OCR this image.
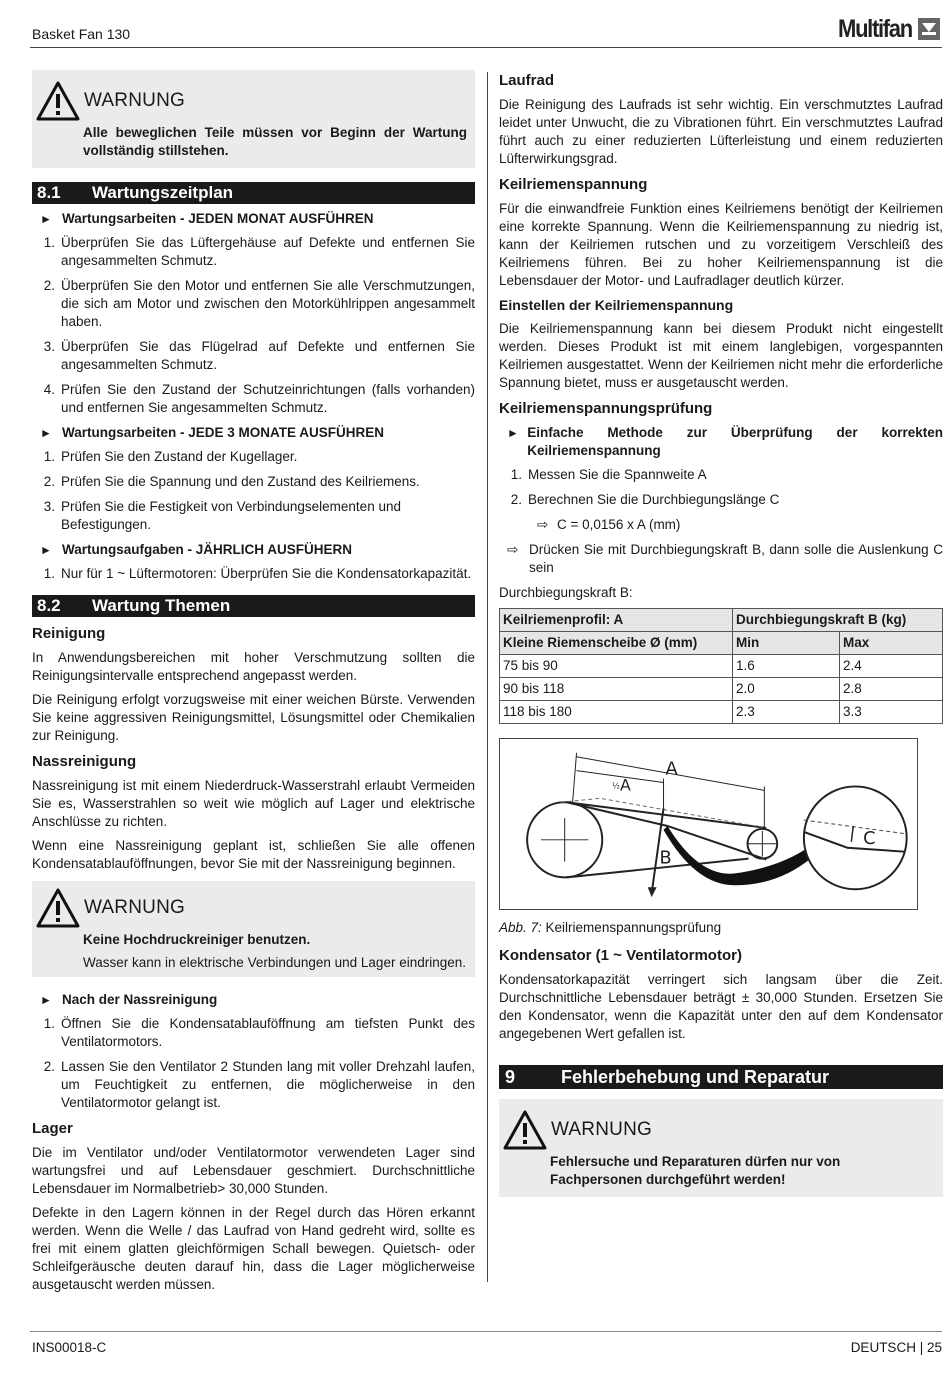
Basket Fan 130	Multifan
WARNUNG

Alle beweglichen Teile müssen vor Beginn der Wartung vollständig stillstehen.

8.1	Wartungszeitplan
► Wartungsarbeiten - JEDEN MONAT AUSFÜHREN
1. Überprüfen Sie das Lüftergehäuse auf Defekte und entfernen Sie angesammelten Schmutz.
2. Überprüfen Sie den Motor und entfernen Sie alle Verschmutzungen, die sich am Motor und zwischen den Motorkühlrippen angesammelt haben.
3. Überprüfen Sie das Flügelrad auf Defekte und entfernen Sie angesammelten Schmutz.
4. Prüfen Sie den Zustand der Schutzeinrichtungen (falls vorhanden) und entfernen Sie angesammelten Schmutz.
► Wartungsarbeiten - JEDE 3 MONATE AUSFÜHREN
1. Prüfen Sie den Zustand der Kugellager.
2. Prüfen Sie die Spannung und den Zustand des Keilriemens.
3. Prüfen Sie die Festigkeit von Verbindungselementen und Befestigungen.
► Wartungsaufgaben - JÄHRLICH AUSFÜHERN
1. Nur für 1 ~ Lüftermotoren: Überprüfen Sie die Kondensatorkapazität.
8.2	Wartung Themen
Reinigung

In Anwendungsbereichen mit hoher Verschmutzung sollten die Reinigungsintervalle entsprechend angepasst werden.

Die Reinigung erfolgt vorzugsweise mit einer weichen Bürste. Verwenden Sie keine aggressiven Reinigungsmittel, Lösungsmittel oder Chemikalien zur Reinigung.

Nassreinigung

Nassreinigung ist mit einem Niederdruck-Wasserstrahl erlaubt Vermeiden Sie es, Wasserstrahlen so weit wie möglich auf Lager und elektrische Anschlüsse zu richten.

Wenn eine Nassreinigung geplant ist, schließen Sie alle offenen Kondensatablauföffnungen, bevor Sie mit der Nassreinigung beginnen.

WARNUNG

Keine Hochdruckreiniger benutzen.

Wasser kann in elektrische Verbindungen und Lager eindringen.

► Nach der Nassreinigung
1. Öffnen Sie die Kondensatablauföffnung am tiefsten Punkt des Ventilatormotors.
2. Lassen Sie den Ventilator 2 Stunden lang mit voller Drehzahl laufen, um Feuchtigkeit zu entfernen, die möglicherweise in den Ventilatormotor gelangt ist.
Lager

Die im Ventilator und/oder Ventilatormotor verwendeten Lager sind wartungsfrei und auf Lebensdauer geschmiert. Durchschnittliche Lebensdauer im Normalbetrieb> 30,000 Stunden.

Defekte in den Lagern können in der Regel durch das Hören erkannt werden. Wenn die Welle / das Laufrad von Hand gedreht wird, sollte es frei mit einem glatten gleichförmigen Schall bewegen. Quietsch- oder Schleifgeräusche deuten darauf hin, dass die Lager möglicherweise ausgetauscht werden müssen.

Laufrad

Die Reinigung des Laufrads ist sehr wichtig. Ein verschmutztes Laufrad leidet unter Unwucht, die zu Vibrationen führt. Ein verschmutztes Laufrad führt auch zu einer reduzierten Lüfterleistung und einem reduzierten Lüfterwirkungsgrad.

Keilriemenspannung

Für die einwandfreie Funktion eines Keilriemens benötigt der Keilriemen eine korrekte Spannung. Wenn die Keilriemenspannung zu niedrig ist, kann der Keilriemen rutschen und zu vorzeitigem Verschleiß des Keilriemens führen. Bei zu hoher Keilriemenspannung ist die Lebensdauer der Motor- und Laufradlager deutlich kürzer.

Einstellen der Keilriemenspannung

Die Keilriemenspannung kann bei diesem Produkt nicht eingestellt werden. Dieses Produkt ist mit einem langlebigen, vorgespannten Keilriemen ausgestattet. Wenn der Keilriemen nicht mehr die erforderliche Spannung bietet, muss er ausgetauscht werden.

Keilriemenspannungsprüfung
► Einfache Methode zur Überprüfung der korrekten Keilriemenspannung
1. Messen Sie die Spannweite A
2. Berechnen Sie die Durchbiegungslänge C
⇨ C = 0,0156 x A (mm)
⇨ Drücken Sie mit Durchbiegungskraft B, dann solle die Auslenkung C sein

Durchbiegungskraft B:

Keilriemenprofil: A	Durchbiegungskraft B (kg)	
Kleine Riemenscheibe Ø (mm)	Min	Max
75 bis 90	1.6	2.4
90 bis 118	2.0	2.8
118 bis 180	2.3	3.3
A
A
½
B
C

Abb. 7: Keilriemenspannungsprüfung

Kondensator (1 ~ Ventilatormotor)

Kondensatorkapazität verringert sich langsam über die Zeit. Durchschnittliche Lebensdauer beträgt ± 30,000 Stunden. Ersetzen Sie den Kondensator, wenn die Kapazität unter den auf dem Kondensator angegebenen Wert gefallen ist.

9	Fehlerbehebung und Reparatur
WARNUNG

Fehlersuche und Reparaturen dürfen nur von Fachpersonen durchgeführt werden!

INS00018-C	DEUTSCH | 25
